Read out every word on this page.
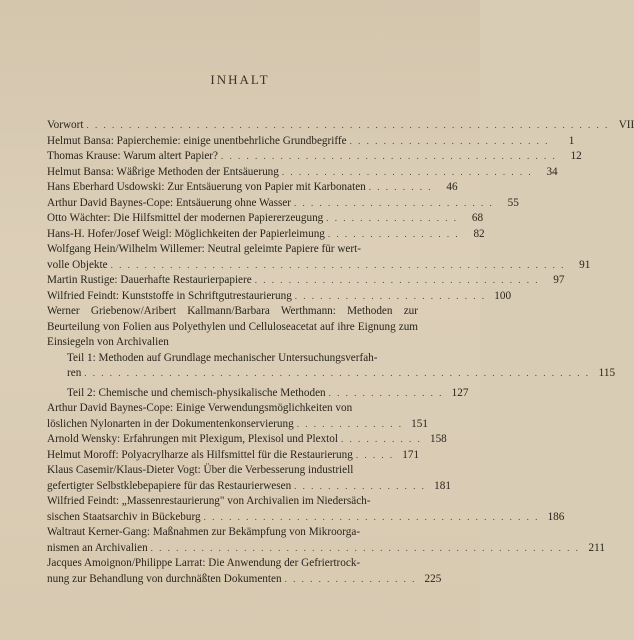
INHALT
Vorwort . . . . . . . . . . . . . . . . . . . . . . . . . . . . . . . . . . . . . . . . . . . . . . . . . . . . . . . . . . . . . . VII
Helmut Bansa: Papierchemie: einige unentbehrliche Grundbegriffe . . . . . . . . . . . . . . . . . . . . . . . .	1
Thomas Krause: Warum altert Papier? . . . . . . . . . . . . . . . . . . . . . . . . . . . . . . . . . . . . . . . .	12
Helmut Bansa: Wäßrige Methoden der Entsäuerung . . . . . . . . . . . . . . . . . . . . . . . . . . . . . .	34
Hans Eberhard Usdowski: Zur Entsäuerung von Papier mit Karbonaten . . . . . . . .	46
Arthur David Baynes-Cope: Entsäuerung ohne Wasser . . . . . . . . . . . . . . . . . . . . . . . .	55
Otto Wächter: Die Hilfsmittel der modernen Papiererzeugung . . . . . . . . . . . . . . . .	68
Hans-H. Hofer/Josef Weigl: Möglichkeiten der Papierleimung . . . . . . . . . . . . . . . .	82
Wolfgang Hein/Wilhelm Willemer: Neutral geleimte Papiere für wert-
volle Objekte . . . . . . . . . . . . . . . . . . . . . . . . . . . . . . . . . . . . . . . . . . . . . . . . . . . . . .	91
Martin Rustige: Dauerhafte Restaurierpapiere . . . . . . . . . . . . . . . . . . . . . . . . . . . . . . . . . .	97
Wilfried Feindt: Kunststoffe in Schriftgutrestaurierung . . . . . . . . . . . . . . . . . . . . . . . 100
Werner Griebenow/Aribert Kallmann/Barbara Werthmann: Methoden zur Beurteilung von Folien aus Polyethylen und Celluloseacetat auf ihre Eignung zum Einsiegeln von Archivalien
Teil 1: Methoden auf Grundlage mechanischer Untersuchungsverfah-
ren . . . . . . . . . . . . . . . . . . . . . . . . . . . . . . . . . . . . . . . . . . . . . . . . . . . . . . . . . . . . 115
Teil 2: Chemische und chemisch-physikalische Methoden . . . . . . . . . . . . . . 127
Arthur David Baynes-Cope: Einige Verwendungsmöglichkeiten von
löslichen Nylonarten in der Dokumentenkonservierung . . . . . . . . . . . . . 151
Arnold Wensky: Erfahrungen mit Plexigum, Plexisol und Plextol . . . . . . . . . . 158
Helmut Moroff: Polyacrylharze als Hilfsmittel für die Restaurierung . . . . . 171
Klaus Casemir/Klaus-Dieter Vogt: Über die Verbesserung industriell
gefertigter Selbstklebepapiere für das Restaurierwesen . . . . . . . . . . . . . . . . 181
Wilfried Feindt: „Massenrestaurierung" von Archivalien im Niedersäch-
sischen Staatsarchiv in Bückeburg . . . . . . . . . . . . . . . . . . . . . . . . . . . . . . . . . . . . . . . . 186
Waltraut Kerner-Gang: Maßnahmen zur Bekämpfung von Mikroorga-
nismen an Archivalien . . . . . . . . . . . . . . . . . . . . . . . . . . . . . . . . . . . . . . . . . . . . . . . . . . . 211
Jacques Amoignon/Philippe Larrat: Die Anwendung der Gefriertrock-
nung zur Behandlung von durchnäßten Dokumenten . . . . . . . . . . . . . . . . 225
